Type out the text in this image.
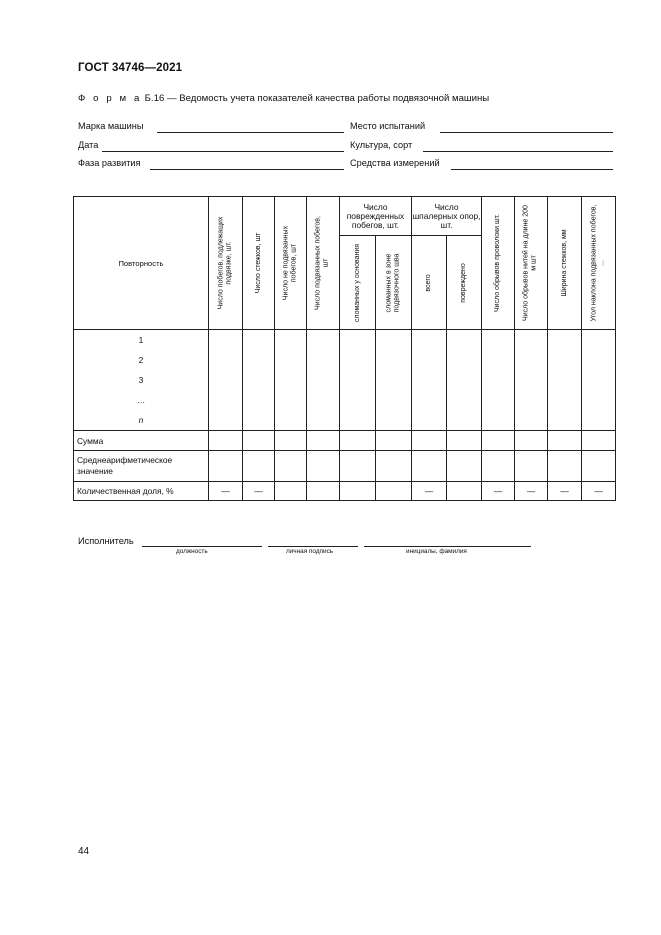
ГОСТ 34746—2021
Ф о р м а Б.16 — Ведомость учета показателей качества работы подвязочной машины
Марка машины	Место испытаний
Дата	Культура, сорт
Фаза развития	Средства измерений
Повторность	Число побегов, подлежащих подвязке, шт.	Число стежков, шт	Число не подвязанных побегов, шт	Число подвязанных побегов, шт	Число поврежденных побегов, шт.		Число шпалерных опор, шт.		Число обрывов проволоки шт.	Число обрывов нитей на длине 200 м шт	Ширина стежков, мм	Угол наклона подвязанных побегов, ...

					сломанных у основания	сломанных в зоне подвязочного шва	всего	повреждено				

1												
2												
3												
…												
n												
Сумма												
Среднеарифметическое значение												
Количественная доля, %	—	—					—		—	—	—	—
Исполнитель
должность	личная подпись	инициалы, фамилия
44
